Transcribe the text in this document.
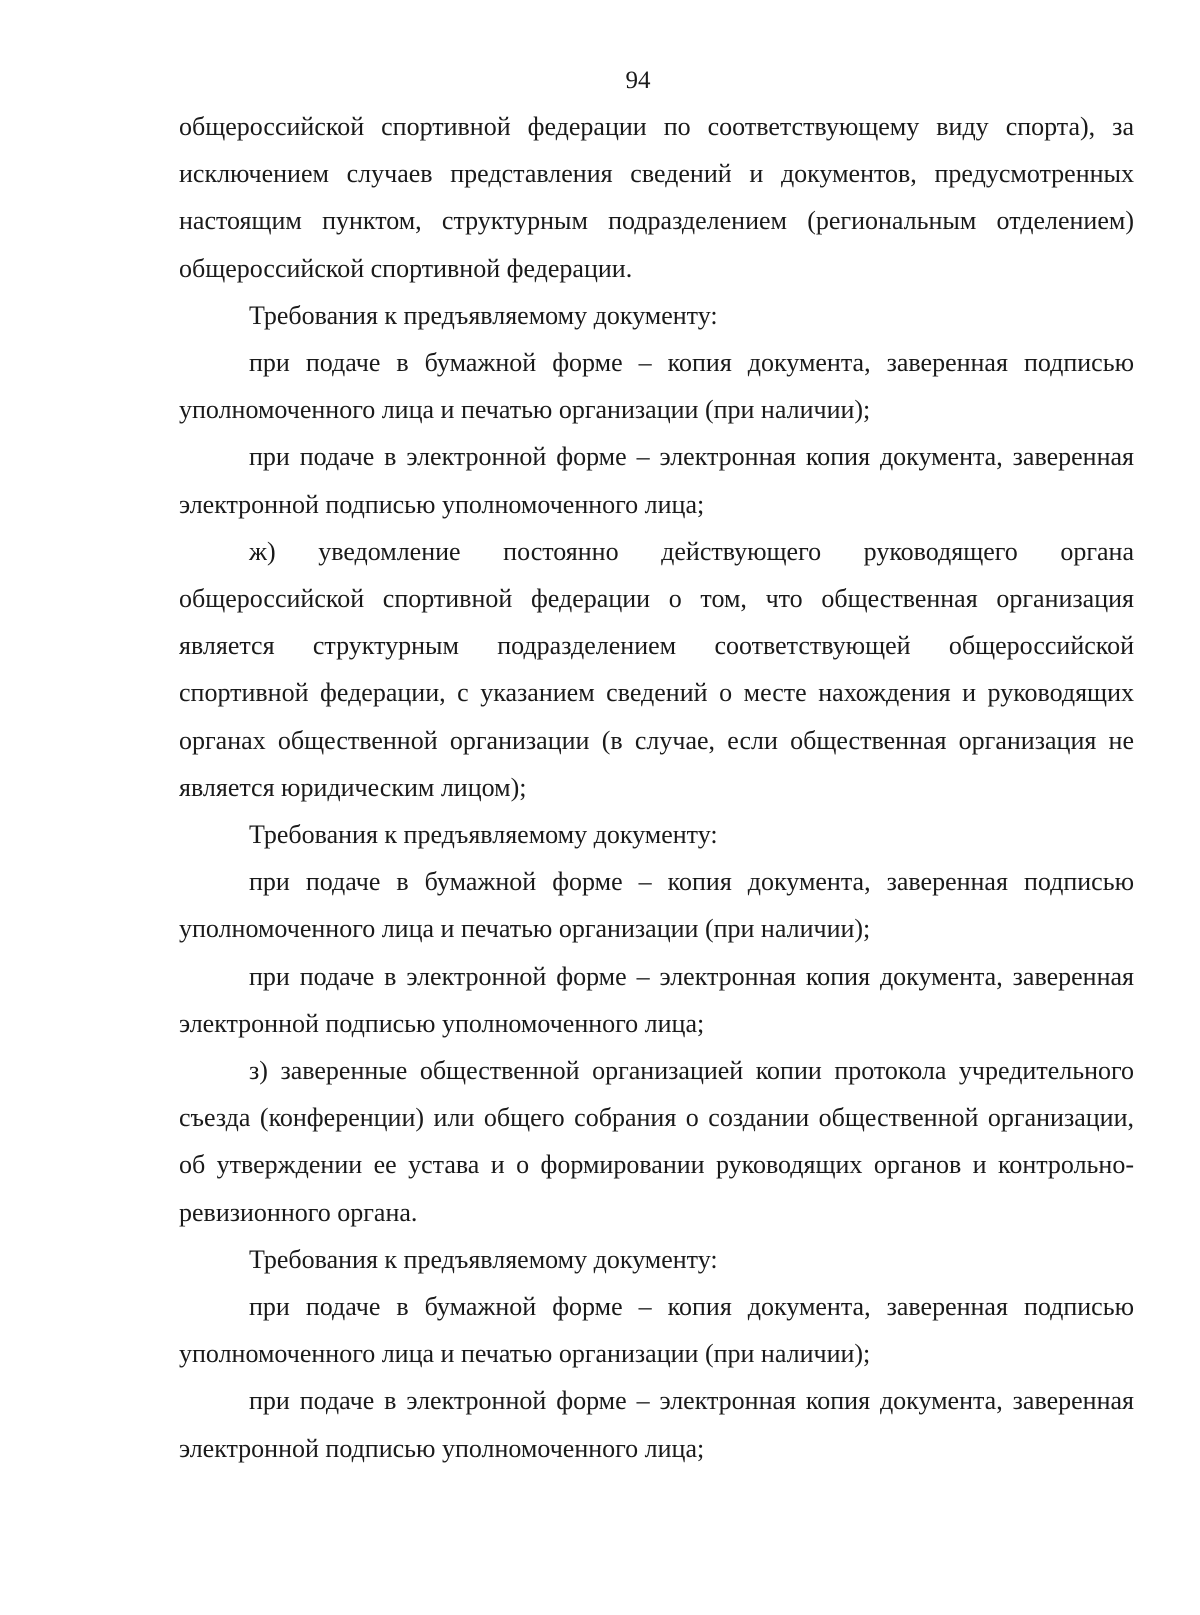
94

общероссийской спортивной федерации по соответствующему виду спорта), за исключением случаев представления сведений и документов, предусмотренных настоящим пунктом, структурным подразделением (региональным отделением) общероссийской спортивной федерации.

Требования к предъявляемому документу:

при подаче в бумажной форме – копия документа, заверенная подписью уполномоченного лица и печатью организации (при наличии);

при подаче в электронной форме – электронная копия документа, заверенная электронной подписью уполномоченного лица;

ж) уведомление постоянно действующего руководящего органа общероссийской спортивной федерации о том, что общественная организация является структурным подразделением соответствующей общероссийской спортивной федерации, с указанием сведений о месте нахождения и руководящих органах общественной организации (в случае, если общественная организация не является юридическим лицом);

Требования к предъявляемому документу:

при подаче в бумажной форме – копия документа, заверенная подписью уполномоченного лица и печатью организации (при наличии);

при подаче в электронной форме – электронная копия документа, заверенная электронной подписью уполномоченного лица;

з) заверенные общественной организацией копии протокола учредительного съезда (конференции) или общего собрания о создании общественной организации, об утверждении ее устава и о формировании руководящих органов и контрольно-ревизионного органа.

Требования к предъявляемому документу:

при подаче в бумажной форме – копия документа, заверенная подписью уполномоченного лица и печатью организации (при наличии);

при подаче в электронной форме – электронная копия документа, заверенная электронной подписью уполномоченного лица;
